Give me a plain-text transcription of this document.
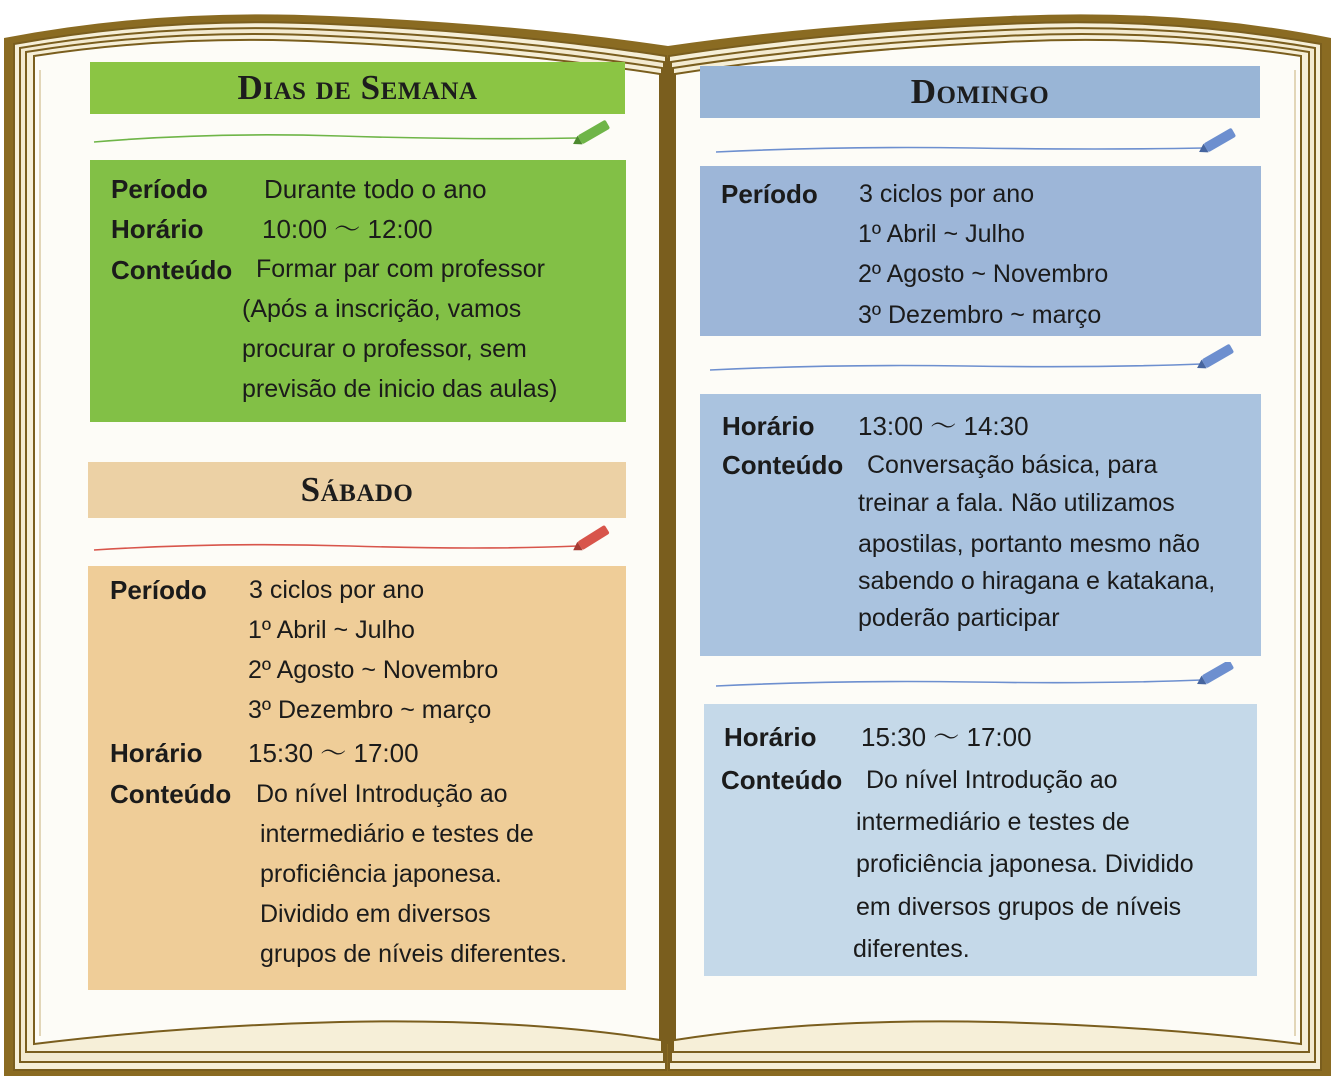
Dias de Semana
Período Durante todo o ano
Horário 10:00 ～ 12:00
Conteúdo Formar par com professor
(Após a inscrição, vamos
procurar o professor, sem
previsão de inicio das aulas)
Sábado
Período 3 ciclos por ano
1º Abril ~ Julho
2º Agosto ~ Novembro
3º Dezembro ~ março
Horário 15:30 ～ 17:00
Conteúdo Do nível Introdução ao
intermediário e testes de
proficiência japonesa.
Dividido em diversos
grupos de níveis diferentes.
Domingo
Período 3 ciclos por ano
1º Abril ~ Julho
2º Agosto ~ Novembro
3º Dezembro ~ março
Horário 13:00 ～ 14:30
Conteúdo Conversação básica, para
treinar a fala. Não utilizamos
apostilas, portanto mesmo não
sabendo o hiragana e katakana,
poderão participar
Horário 15:30 ～ 17:00
Conteúdo Do nível Introdução ao
intermediário e testes de
proficiência japonesa. Dividido
em diversos grupos de níveis
diferentes.
